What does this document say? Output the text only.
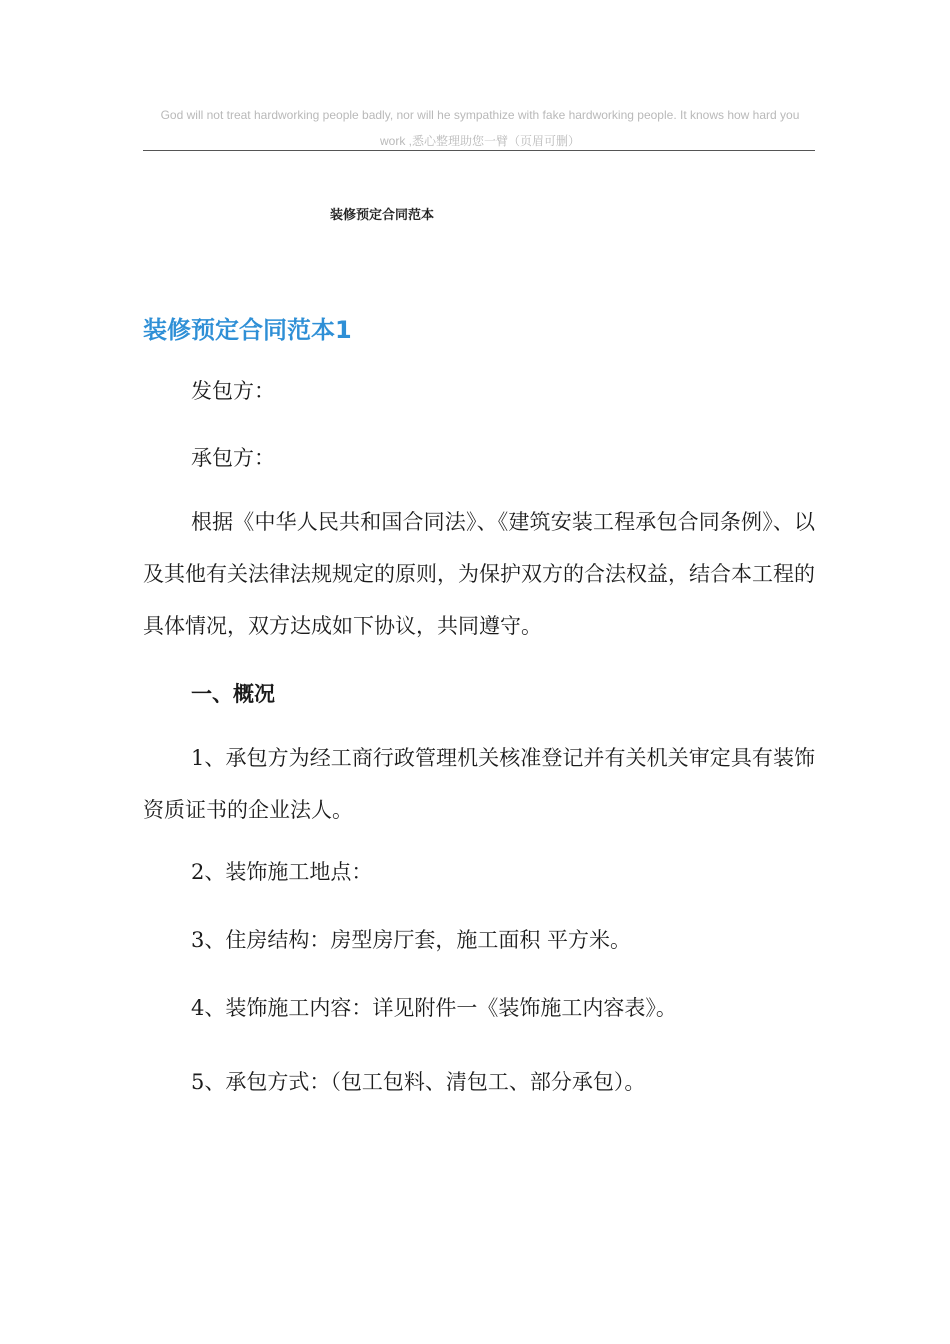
God will not treat hardworking people badly, nor will he sympathize with fake hardworking people. It knows how hard you work ,悉心整理助您一臂（页眉可删）
装修预定合同范本
装修预定合同范本1

发包方：

承包方：

根据《中华人民共和国合同法》、《建筑安装工程承包合同条例》、以及其他有关法律法规规定的原则，为保护双方的合法权益，结合本工程的具体情况，双方达成如下协议，共同遵守。

一、概况

1、承包方为经工商行政管理机关核准登记并有关机关审定具有装饰资质证书的企业法人。

2、装饰施工地点：

3、住房结构：房型房厅套，施工面积 平方米。

4、装饰施工内容：详见附件一《装饰施工内容表》。

5、承包方式：（包工包料、清包工、部分承包）。
